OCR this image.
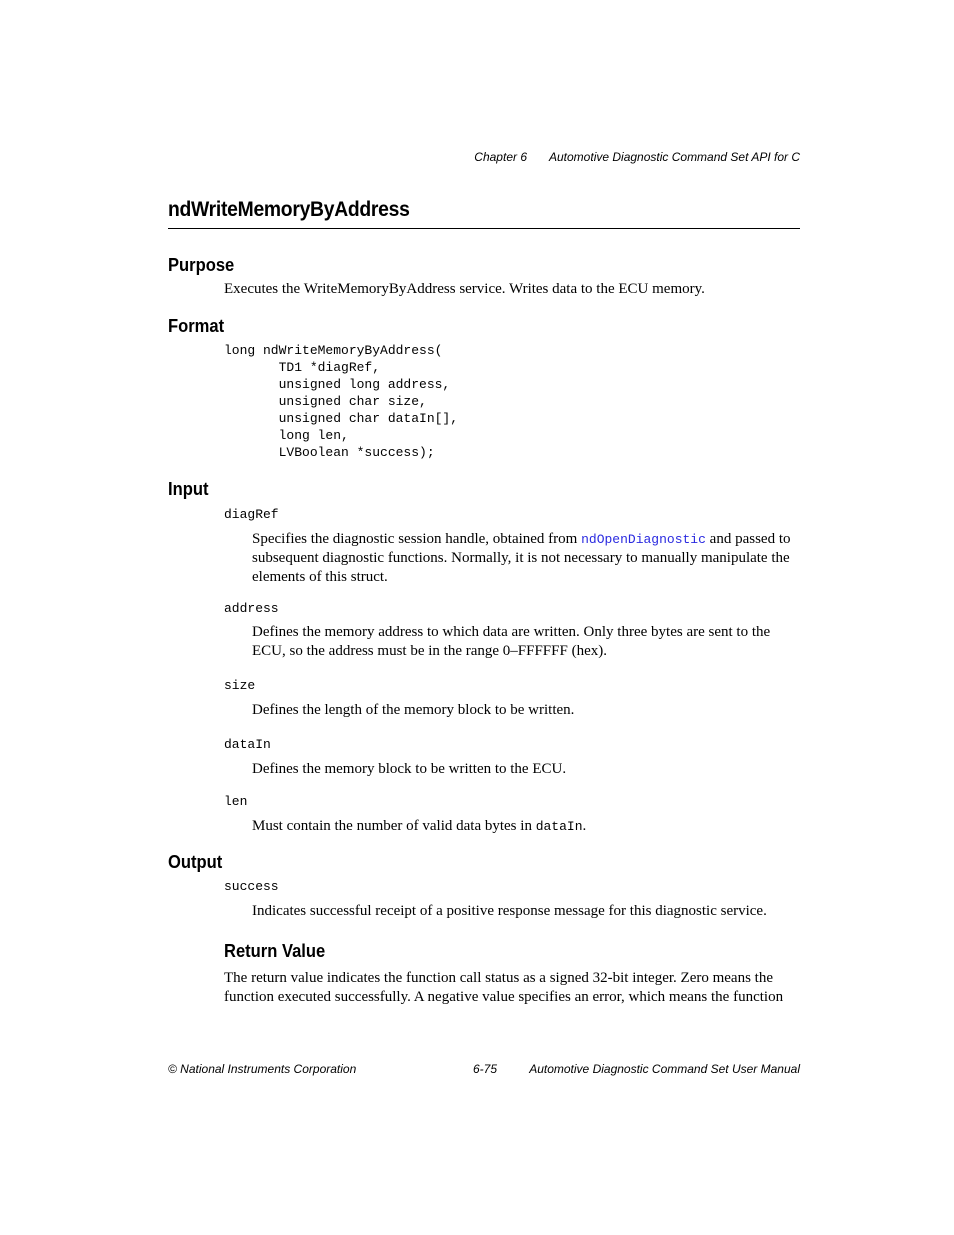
Chapter 6 Automotive Diagnostic Command Set API for C
ndWriteMemoryByAddress
Purpose
Executes the WriteMemoryByAddress service. Writes data to the ECU memory.
Format
long ndWriteMemoryByAddress(
TD1 *diagRef,
unsigned long address,
unsigned char size,
unsigned char dataIn[],
long len,
LVBoolean *success);
Input
diagRef
Specifies the diagnostic session handle, obtained from ndOpenDiagnostic and passed to subsequent diagnostic functions. Normally, it is not necessary to manually manipulate the elements of this struct.
address
Defines the memory address to which data are written. Only three bytes are sent to the ECU, so the address must be in the range 0–FFFFFF (hex).
size
Defines the length of the memory block to be written.
dataIn
Defines the memory block to be written to the ECU.
len
Must contain the number of valid data bytes in dataIn.
Output
success
Indicates successful receipt of a positive response message for this diagnostic service.
Return Value
The return value indicates the function call status as a signed 32-bit integer. Zero means the function executed successfully. A negative value specifies an error, which means the function
© National Instruments Corporation	6-75	Automotive Diagnostic Command Set User Manual
